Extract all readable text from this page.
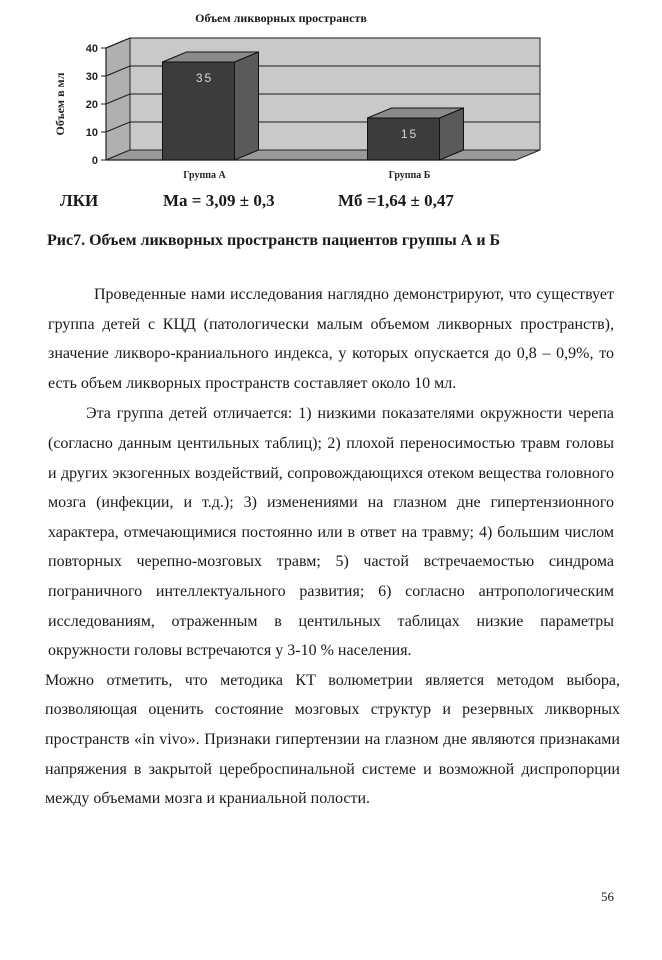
Объем ликворных пространств
0
10
20
30
40
Объем в мл	35
Группа А
15
Группа Б
ЛКИ	Mа = 3,09 ± 0,3	Mб =1,64 ± 0,47
Рис7. Объем ликворных пространств пациентов группы А и Б

Проведенные нами исследования наглядно демонстрируют, что существует группа детей с КЦД (патологически малым объемом ликворных пространств), значение ликворо-краниального индекса, у которых опускается до 0,8 – 0,9%, то есть объем ликворных пространств составляет около 10 мл.

Эта группа детей отличается: 1) низкими показателями окружности черепа (согласно данным центильных таблиц); 2) плохой переносимостью травм головы и других экзогенных воздействий, сопровождающихся отеком вещества головного мозга (инфекции, и т.д.); 3) изменениями на глазном дне гипертензионного характера, отмечающимися постоянно или в ответ на травму; 4) большим числом повторных черепно-мозговых травм; 5) частой встречаемостью синдрома пограничного интеллектуального развития; 6) согласно антропологическим исследованиям, отраженным в центильных таблицах низкие параметры окружности головы встречаются у 3-10 % населения.

Можно отметить, что методика КТ волюметрии является методом выбора, позволяющая оценить состояние мозговых структур и резервных ликворных пространств «in vivo». Признаки гипертензии на глазном дне являются признаками напряжения в закрытой цереброспинальной системе и возможной диспропорции между объемами мозга и краниальной полости.

56
